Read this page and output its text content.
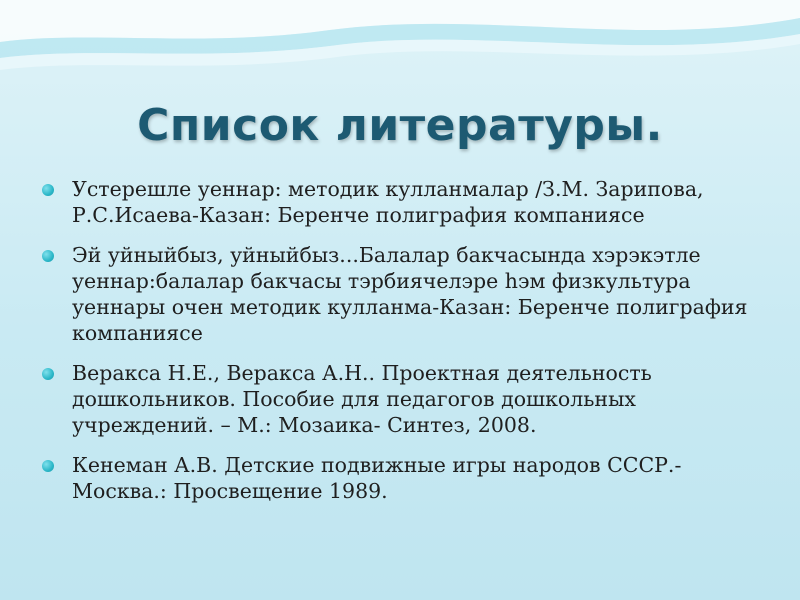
Список литературы.
Устерешле уеннар: методик кулланмалар /З.М. Зарипова, Р.С.Исаева-Казан: Беренче полиграфия компаниясе
Эй уйныйбыз, уйныйбыз...Балалар бакчасында хэрэкэтле уеннар:балалар бакчасы тэрбиячелэре һэм физкультура уеннары очен методик кулланма-Казан: Беренче полиграфия компаниясе
Веракса Н.Е., Веракса А.Н.. Проектная деятельность дошкольников. Пособие для педагогов дошкольных учреждений. – М.: Мозаика- Синтез, 2008.
Кенеман А.В. Детские подвижные игры народов СССР.- Москва.: Просвещение 1989.
